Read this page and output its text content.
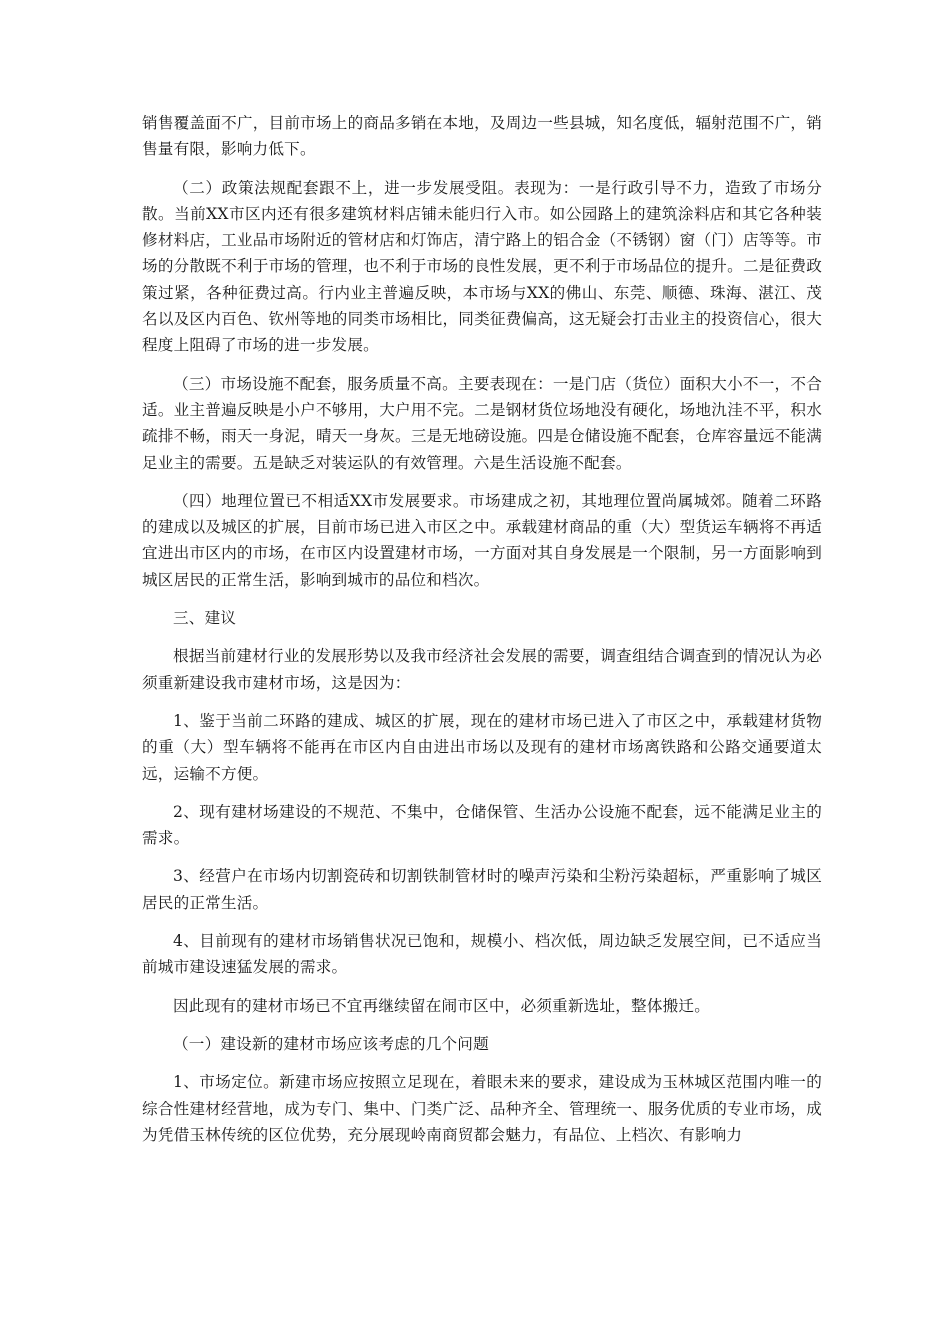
销售覆盖面不广，目前市场上的商品多销在本地，及周边一些县城，知名度低，辐射范围不广，销售量有限，影响力低下。

（二）政策法规配套跟不上，进一步发展受阻。表现为：一是行政引导不力，造致了市场分散。当前XX市区内还有很多建筑材料店铺未能归行入市。如公园路上的建筑涂料店和其它各种装修材料店，工业品市场附近的管材店和灯饰店，清宁路上的铝合金（不锈钢）窗（门）店等等。市场的分散既不利于市场的管理，也不利于市场的良性发展，更不利于市场品位的提升。二是征费政策过紧，各种征费过高。行内业主普遍反映，本市场与XX的佛山、东莞、顺德、珠海、湛江、茂名以及区内百色、钦州等地的同类市场相比，同类征费偏高，这无疑会打击业主的投资信心，很大程度上阻碍了市场的进一步发展。

（三）市场设施不配套，服务质量不高。主要表现在：一是门店（货位）面积大小不一，不合适。业主普遍反映是小户不够用，大户用不完。二是钢材货位场地没有硬化，场地氿洼不平，积水疏排不畅，雨天一身泥，晴天一身灰。三是无地磅设施。四是仓储设施不配套，仓库容量远不能满足业主的需要。五是缺乏对装运队的有效管理。六是生活设施不配套。

（四）地理位置已不相适XX市发展要求。市场建成之初，其地理位置尚属城郊。随着二环路的建成以及城区的扩展，目前市场已进入市区之中。承载建材商品的重（大）型货运车辆将不再适宜进出市区内的市场，在市区内设置建材市场，一方面对其自身发展是一个限制，另一方面影响到城区居民的正常生活，影响到城市的品位和档次。

三、建议

根据当前建材行业的发展形势以及我市经济社会发展的需要，调查组结合调查到的情况认为必须重新建设我市建材市场，这是因为：

1、鉴于当前二环路的建成、城区的扩展，现在的建材市场已进入了市区之中，承载建材货物的重（大）型车辆将不能再在市区内自由进出市场以及现有的建材市场离铁路和公路交通要道太远，运输不方便。

2、现有建材场建设的不规范、不集中，仓储保管、生活办公设施不配套，远不能满足业主的需求。

3、经营户在市场内切割瓷砖和切割铁制管材时的噪声污染和尘粉污染超标，严重影响了城区居民的正常生活。

4、目前现有的建材市场销售状况已饱和，规模小、档次低，周边缺乏发展空间，已不适应当前城市建设速猛发展的需求。

因此现有的建材市场已不宜再继续留在闹市区中，必须重新选址，整体搬迁。

（一）建设新的建材市场应该考虑的几个问题

1、市场定位。新建市场应按照立足现在，着眼未来的要求，建设成为玉林城区范围内唯一的综合性建材经营地，成为专门、集中、门类广泛、品种齐全、管理统一、服务优质的专业市场，成为凭借玉林传统的区位优势，充分展现岭南商贸都会魅力，有品位、上档次、有影响力
